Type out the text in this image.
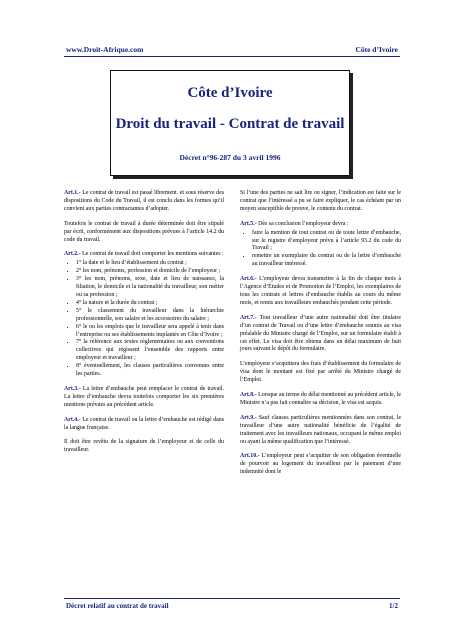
www.Droit-Afrique.com	Côte d’Ivoire
Côte d’Ivoire
Droit du travail - Contrat de travail
Décret n°96-287 du 3 avril 1996

Art.1.- Le contrat de travail est passé librement. et sous réserve des dispositions du Code du Travail, il est conclu dans les formes qu’il convient aux parties contractantes d’adopter.

Toutefois le contrat de travail à durée déterminée doit être stipulé par écrit, conformément aux dispositions prévues à l’article 14.2 du code du travail.

Art.2.- Le contrat de travail doit comporter les mentions suivantes :

• 1° la date et le lieu d’établissement du contrat ;
• 2° les nom, prénoms, profession et domicile de l’employeur ;
• 3° les nom, prénoms, sexe, date et lieu de naissance, la filiation, le domicile et la nationalité du travailleur, son métier ou sa profession ;
• 4° la nature et la durée du contrat ;
• 5° le classement du travailleur dans la hiérarchie professionnelle, son salaire et les accessoires du salaire ;
• 6° le ou les emplois que le travailleur sera appelé à tenir dans l’entreprise ou ses établissements implantés en Côte d’Ivoire ;
• 7° la référence aux textes réglementaires ou aux conventions collectives qui régissent l’ensemble des rapports entre employeur et travailleur ;
• 8° éventuellement, les clauses particulières convenues entre les parties.

Art.3.- La lettre d’embauche peut remplacer le contrat de travail. La lettre d’embauche devra toutefois comporter les six premières mentions prévues au précédent article.

Art.4.- Le contrat de travail ou la lettre d’embauche est rédigé dans la langue française.

Il doit être revêtu de la signature de l’employeur et de celle du travailleur.

Si l’une des parties ne sait lire ou signer, l’indication est faite sur le contrat que l’intéressé a pu se faire expliquer, le cas échéant par un moyen susceptible de preuve, le contenu du contrat.

Art.5.- Dès sa conclusion l’employeur devra :

• faire la mention de tout contrat ou de toute lettre d’embauche, sur le registre d’employeur prévu à l’article 93.2 du code du Travail ;
• remettre un exemplaire du contrat ou de la lettre d’embauche au travailleur intéressé.

Art.6.- L’employeur devra transmettre à la fin de chaque mois à l’Agence d’Études et de Promotion de l’Emploi, les exemplaires de tous les contrats et lettres d’embauche établis au cours du même mois, et remis aux travailleurs embauchés pendant cette période.

Art.7.- Tout travailleur d’une autre nationalité doit être titulaire d’un contrat de Travail ou d’une lettre d’embauche soumis au visa préalable du Ministre chargé de l’Emploi, sur un formulaire établi à cet effet. Le visa doit être obtenu dans un délai maximum de huit jours suivant le dépôt du formulaire.

L’employeur s’acquittera des frais d’établissement du formulaire de visa dont le montant est fixé par arrêté du Ministre chargé de l’Emploi.

Art.8.- Lorsque au terme du délai mentionné au précédent article, le Ministre n’a pas fait connaître sa décision, le visa est acquis.

Art.9.- Sauf clauses particulières mentionnées dans son contrat, le travailleur d’une autre nationalité bénéficie de l’égalité de traitement avec les travailleurs nationaux, occupant le même emploi ou ayant la même qualification que l’intéressé.

Art.10.- L’employeur peut s’acquitter de son obligation éventuelle de pourvoir au logement du travailleur par le paiement d’une indemnité dont le

Décret relatif au contrat de travail	1/2
